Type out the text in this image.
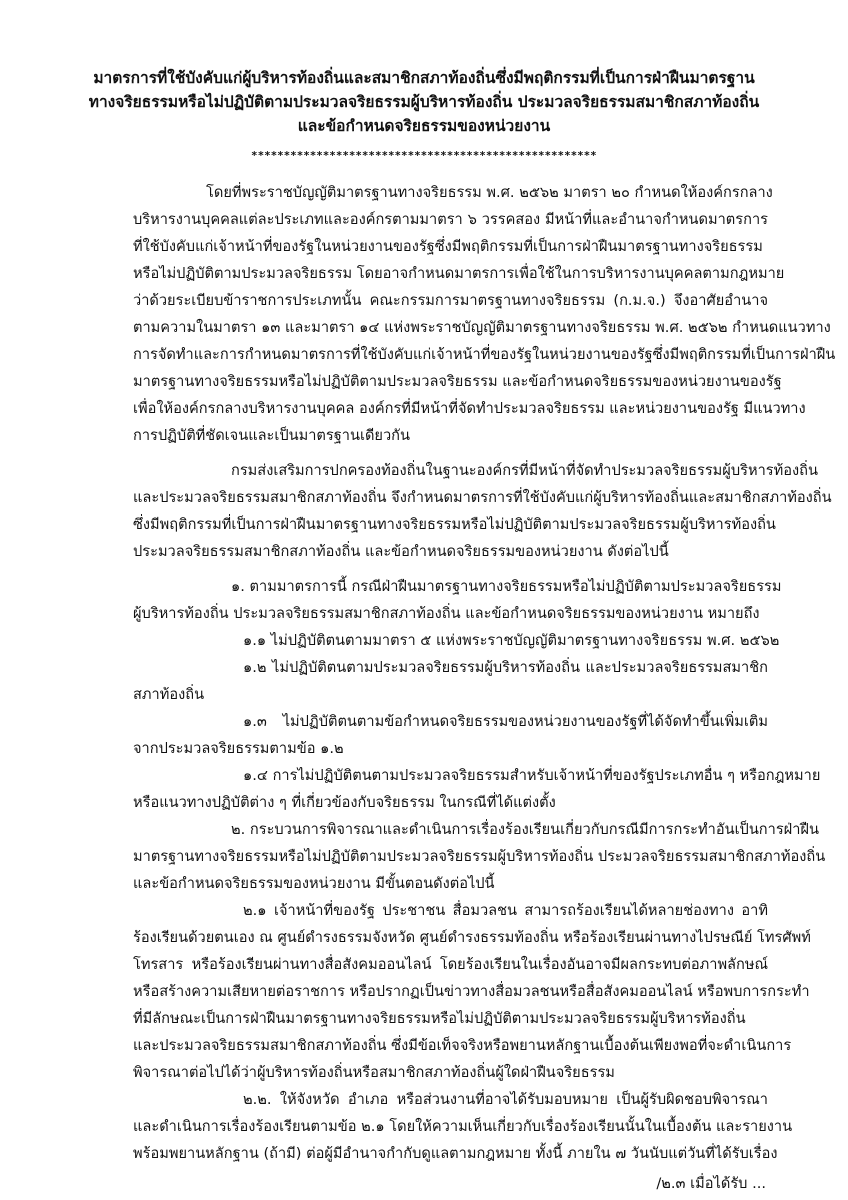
มาตรการที่ใช้บังคับแก่ผู้บริหารท้องถิ่นและสมาชิกสภาท้องถิ่นซึ่งมีพฤติกรรมที่เป็นการฝ่าฝืนมาตรฐาน
ทางจริยธรรมหรือไม่ปฏิบัติตามประมวลจริยธรรมผู้บริหารท้องถิ่น ประมวลจริยธรรมสมาชิกสภาท้องถิ่น
และข้อกำหนดจริยธรรมของหน่วยงาน
*****************************************************
โดยที่พระราชบัญญัติมาตรฐานทางจริยธรรม พ.ศ. ๒๕๖๒ มาตรา ๒๐ กำหนดให้องค์กรกลาง
บริหารงานบุคคลแต่ละประเภทและองค์กรตามมาตรา ๖ วรรคสอง มีหน้าที่และอำนาจกำหนดมาตรการ
ที่ใช้บังคับแก่เจ้าหน้าที่ของรัฐในหน่วยงานของรัฐซึ่งมีพฤติกรรมที่เป็นการฝ่าฝืนมาตรฐานทางจริยธรรม
หรือไม่ปฏิบัติตามประมวลจริยธรรม โดยอาจกำหนดมาตรการเพื่อใช้ในการบริหารงานบุคคลตามกฎหมาย
ว่าด้วยระเบียบข้าราชการประเภทนั้น คณะกรรมการมาตรฐานทางจริยธรรม (ก.ม.จ.) จึงอาศัยอำนาจ
ตามความในมาตรา ๑๓ และมาตรา ๑๔ แห่งพระราชบัญญัติมาตรฐานทางจริยธรรม พ.ศ. ๒๕๖๒ กำหนดแนวทาง
การจัดทำและการกำหนดมาตรการที่ใช้บังคับแก่เจ้าหน้าที่ของรัฐในหน่วยงานของรัฐซึ่งมีพฤติกรรมที่เป็นการฝ่าฝืน
มาตรฐานทางจริยธรรมหรือไม่ปฏิบัติตามประมวลจริยธรรม และข้อกำหนดจริยธรรมของหน่วยงานของรัฐ
เพื่อให้องค์กรกลางบริหารงานบุคคล องค์กรที่มีหน้าที่จัดทำประมวลจริยธรรม และหน่วยงานของรัฐ มีแนวทาง
การปฏิบัติที่ชัดเจนและเป็นมาตรฐานเดียวกัน
กรมส่งเสริมการปกครองท้องถิ่นในฐานะองค์กรที่มีหน้าที่จัดทำประมวลจริยธรรมผู้บริหารท้องถิ่น
และประมวลจริยธรรมสมาชิกสภาท้องถิ่น จึงกำหนดมาตรการที่ใช้บังคับแก่ผู้บริหารท้องถิ่นและสมาชิกสภาท้องถิ่น
ซึ่งมีพฤติกรรมที่เป็นการฝ่าฝืนมาตรฐานทางจริยธรรมหรือไม่ปฏิบัติตามประมวลจริยธรรมผู้บริหารท้องถิ่น
ประมวลจริยธรรมสมาชิกสภาท้องถิ่น และข้อกำหนดจริยธรรมของหน่วยงาน ดังต่อไปนี้
๑. ตามมาตรการนี้ กรณีฝ่าฝืนมาตรฐานทางจริยธรรมหรือไม่ปฏิบัติตามประมวลจริยธรรม
ผู้บริหารท้องถิ่น ประมวลจริยธรรมสมาชิกสภาท้องถิ่น และข้อกำหนดจริยธรรมของหน่วยงาน หมายถึง
๑.๑ ไม่ปฏิบัติตนตามมาตรา ๕ แห่งพระราชบัญญัติมาตรฐานทางจริยธรรม พ.ศ. ๒๕๖๒
๑.๒ ไม่ปฏิบัติตนตามประมวลจริยธรรมผู้บริหารท้องถิ่น และประมวลจริยธรรมสมาชิก
สภาท้องถิ่น
๑.๓ ไม่ปฏิบัติตนตามข้อกำหนดจริยธรรมของหน่วยงานของรัฐที่ได้จัดทำขึ้นเพิ่มเติม
จากประมวลจริยธรรมตามข้อ ๑.๒
๑.๔ การไม่ปฏิบัติตนตามประมวลจริยธรรมสำหรับเจ้าหน้าที่ของรัฐประเภทอื่น ๆ หรือกฎหมาย
หรือแนวทางปฏิบัติต่าง ๆ ที่เกี่ยวข้องกับจริยธรรม ในกรณีที่ได้แต่งตั้ง
๒. กระบวนการพิจารณาและดำเนินการเรื่องร้องเรียนเกี่ยวกับกรณีมีการกระทำอันเป็นการฝ่าฝืน
มาตรฐานทางจริยธรรมหรือไม่ปฏิบัติตามประมวลจริยธรรมผู้บริหารท้องถิ่น ประมวลจริยธรรมสมาชิกสภาท้องถิ่น
และข้อกำหนดจริยธรรมของหน่วยงาน มีขั้นตอนดังต่อไปนี้
๒.๑ เจ้าหน้าที่ของรัฐ ประชาชน สื่อมวลชน สามารถร้องเรียนได้หลายช่องทาง อาทิ
ร้องเรียนด้วยตนเอง ณ ศูนย์ดำรงธรรมจังหวัด ศูนย์ดำรงธรรมท้องถิ่น หรือร้องเรียนผ่านทางไปรษณีย์ โทรศัพท์
โทรสาร หรือร้องเรียนผ่านทางสื่อสังคมออนไลน์ โดยร้องเรียนในเรื่องอันอาจมีผลกระทบต่อภาพลักษณ์
หรือสร้างความเสียหายต่อราชการ หรือปรากฏเป็นข่าวทางสื่อมวลชนหรือสื่อสังคมออนไลน์ หรือพบการกระทำ
ที่มีลักษณะเป็นการฝ่าฝืนมาตรฐานทางจริยธรรมหรือไม่ปฏิบัติตามประมวลจริยธรรมผู้บริหารท้องถิ่น
และประมวลจริยธรรมสมาชิกสภาท้องถิ่น ซึ่งมีข้อเท็จจริงหรือพยานหลักฐานเบื้องต้นเพียงพอที่จะดำเนินการ
พิจารณาต่อไปได้ว่าผู้บริหารท้องถิ่นหรือสมาชิกสภาท้องถิ่นผู้ใดฝ่าฝืนจริยธรรม
๒.๒. ให้จังหวัด อำเภอ หรือส่วนงานที่อาจได้รับมอบหมาย เป็นผู้รับผิดชอบพิจารณา
และดำเนินการเรื่องร้องเรียนตามข้อ ๒.๑ โดยให้ความเห็นเกี่ยวกับเรื่องร้องเรียนนั้นในเบื้องต้น และรายงาน
พร้อมพยานหลักฐาน (ถ้ามี) ต่อผู้มีอำนาจกำกับดูแลตามกฎหมาย ทั้งนี้ ภายใน ๗ วันนับแต่วันที่ได้รับเรื่อง
/๒.๓ เมื่อได้รับ ...
